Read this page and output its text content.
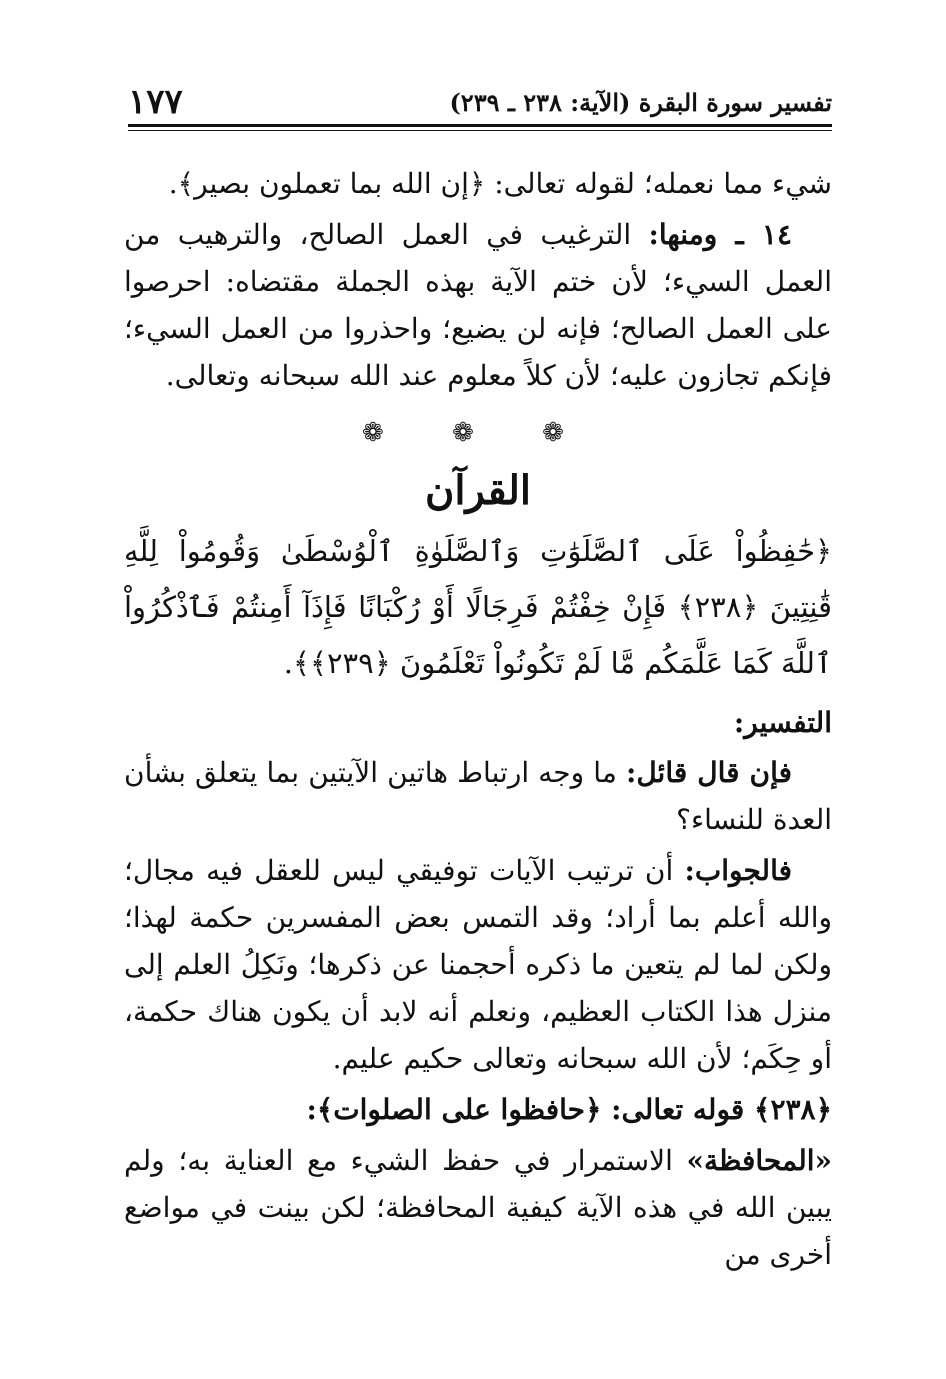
تفسير سورة البقرة (الآية: ٢٣٨ ـ ٢٣٩)
١٧٧

شيء مما نعمله؛ لقوله تعالى: ﴿إن الله بما تعملون بصير﴾.

١٤ ـ ومنها: الترغيب في العمل الصالح، والترهيب من العمل السيء؛ لأن ختم الآية بهذه الجملة مقتضاه: احرصوا على العمل الصالح؛ فإنه لن يضيع؛ واحذروا من العمل السيء؛ فإنكم تجازون عليه؛ لأن كلاً معلوم عند الله سبحانه وتعالى.

❁ ❁ ❁
القرآن

﴿حَٰفِظُواْ عَلَى ٱلصَّلَوَٰتِ وَٱلصَّلَوٰةِ ٱلْوُسْطَىٰ وَقُومُواْ لِلَّهِ قَٰنِتِينَ ﴿٢٣٨﴾ فَإِنْ خِفْتُمْ فَرِجَالًا أَوْ رُكْبَانًا فَإِذَآ أَمِنتُمْ فَٱذْكُرُواْ ٱللَّهَ كَمَا عَلَّمَكُم مَّا لَمْ تَكُونُواْ تَعْلَمُونَ ﴿٢٣٩﴾﴾.

التفسير:

فإن قال قائل: ما وجه ارتباط هاتين الآيتين بما يتعلق بشأن العدة للنساء؟

فالجواب: أن ترتيب الآيات توفيقي ليس للعقل فيه مجال؛ والله أعلم بما أراد؛ وقد التمس بعض المفسرين حكمة لهذا؛ ولكن لما لم يتعين ما ذكره أحجمنا عن ذكرها؛ ونَكِلُ العلم إلى منزل هذا الكتاب العظيم، ونعلم أنه لابد أن يكون هناك حكمة، أو حِكَم؛ لأن الله سبحانه وتعالى حكيم عليم.

﴿٢٣٨﴾ قوله تعالى: ﴿حافظوا على الصلوات﴾:

«المحافظة» الاستمرار في حفظ الشيء مع العناية به؛ ولم يبين الله في هذه الآية كيفية المحافظة؛ لكن بينت في مواضع أخرى من
